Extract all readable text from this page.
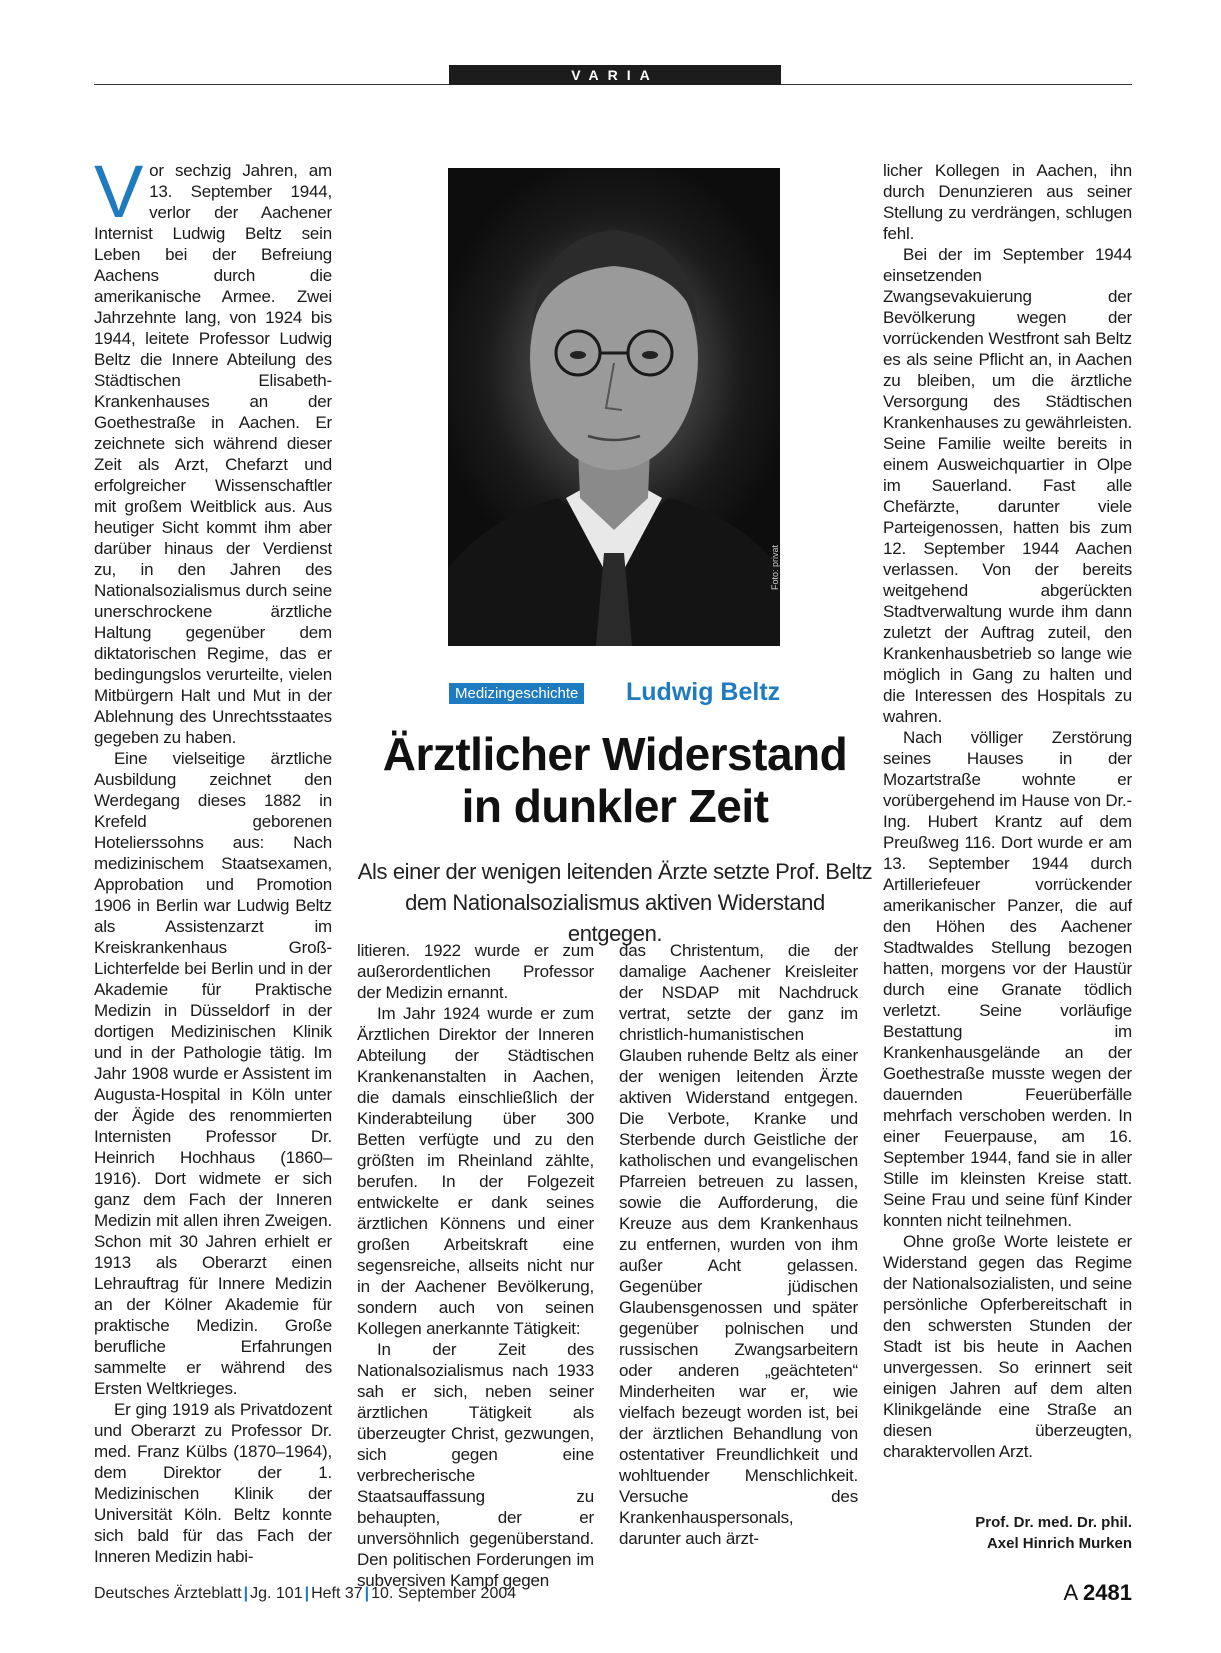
VARIA

Vor sechzig Jahren, am 13. September 1944, verlor der Aachener Internist Ludwig Beltz sein Leben bei der Befreiung Aachens durch die amerikanische Armee. Zwei Jahrzehnte lang, von 1924 bis 1944, leitete Professor Ludwig Beltz die Innere Abteilung des Städtischen Elisabeth-Krankenhauses an der Goethestraße in Aachen. Er zeichnete sich während dieser Zeit als Arzt, Chefarzt und erfolgreicher Wissenschaftler mit großem Weitblick aus. Aus heutiger Sicht kommt ihm aber darüber hinaus der Verdienst zu, in den Jahren des Nationalsozialismus durch seine unerschrockene ärztliche Haltung gegenüber dem diktatorischen Regime, das er bedingungslos verurteilte, vielen Mitbürgern Halt und Mut in der Ablehnung des Unrechtsstaates gegeben zu haben.

Eine vielseitige ärztliche Ausbildung zeichnet den Werdegang dieses 1882 in Krefeld geborenen Hotelierssohns aus: Nach medizinischem Staatsexamen, Approbation und Promotion 1906 in Berlin war Ludwig Beltz als Assistenzarzt im Kreiskrankenhaus Groß-Lichterfelde bei Berlin und in der Akademie für Praktische Medizin in Düsseldorf in der dortigen Medizinischen Klinik und in der Pathologie tätig. Im Jahr 1908 wurde er Assistent im Augusta-Hospital in Köln unter der Ägide des renommierten Internisten Professor Dr. Heinrich Hochhaus (1860–1916). Dort widmete er sich ganz dem Fach der Inneren Medizin mit allen ihren Zweigen. Schon mit 30 Jahren erhielt er 1913 als Oberarzt einen Lehrauftrag für Innere Medizin an der Kölner Akademie für praktische Medizin. Große berufliche Erfahrungen sammelte er während des Ersten Weltkrieges.

Er ging 1919 als Privatdozent und Oberarzt zu Professor Dr. med. Franz Külbs (1870–1964), dem Direktor der 1. Medizinischen Klinik der Universität Köln. Beltz konnte sich bald für das Fach der Inneren Medizin habi-

Foto: privat
Medizingeschichte Ludwig Beltz
Ärztlicher Widerstand
in dunkler Zeit
Als einer der wenigen leitenden Ärzte setzte Prof. Beltz
dem Nationalsozialismus aktiven Widerstand entgegen.

litieren. 1922 wurde er zum außerordentlichen Professor der Medizin ernannt.

Im Jahr 1924 wurde er zum Ärztlichen Direktor der Inneren Abteilung der Städtischen Krankenanstalten in Aachen, die damals einschließlich der Kinderabteilung über 300 Betten verfügte und zu den größten im Rheinland zählte, berufen. In der Folgezeit entwickelte er dank seines ärztlichen Könnens und einer großen Arbeitskraft eine segensreiche, allseits nicht nur in der Aachener Bevölkerung, sondern auch von seinen Kollegen anerkannte Tätigkeit:

In der Zeit des Nationalsozialismus nach 1933 sah er sich, neben seiner ärztlichen Tätigkeit als überzeugter Christ, gezwungen, sich gegen eine verbrecherische Staatsauffassung zu behaupten, der er unversöhnlich gegenüberstand. Den politischen Forderungen im subversiven Kampf gegen

das Christentum, die der damalige Aachener Kreisleiter der NSDAP mit Nachdruck vertrat, setzte der ganz im christlich-humanistischen Glauben ruhende Beltz als einer der wenigen leitenden Ärzte aktiven Widerstand entgegen. Die Verbote, Kranke und Sterbende durch Geistliche der katholischen und evangelischen Pfarreien betreuen zu lassen, sowie die Aufforderung, die Kreuze aus dem Krankenhaus zu entfernen, wurden von ihm außer Acht gelassen. Gegenüber jüdischen Glaubensgenossen und später gegenüber polnischen und russischen Zwangsarbeitern oder anderen „geächteten“ Minderheiten war er, wie vielfach bezeugt worden ist, bei der ärztlichen Behandlung von ostentativer Freundlichkeit und wohltuender Menschlichkeit. Versuche des Krankenhauspersonals, darunter auch ärzt-

licher Kollegen in Aachen, ihn durch Denunzieren aus seiner Stellung zu verdrängen, schlugen fehl.

Bei der im September 1944 einsetzenden Zwangsevakuierung der Bevölkerung wegen der vorrückenden Westfront sah Beltz es als seine Pflicht an, in Aachen zu bleiben, um die ärztliche Versorgung des Städtischen Krankenhauses zu gewährleisten. Seine Familie weilte bereits in einem Ausweichquartier in Olpe im Sauerland. Fast alle Chefärzte, darunter viele Parteigenossen, hatten bis zum 12. September 1944 Aachen verlassen. Von der bereits weitgehend abgerückten Stadtverwaltung wurde ihm dann zuletzt der Auftrag zuteil, den Krankenhausbetrieb so lange wie möglich in Gang zu halten und die Interessen des Hospitals zu wahren.

Nach völliger Zerstörung seines Hauses in der Mozartstraße wohnte er vorübergehend im Hause von Dr.-Ing. Hubert Krantz auf dem Preußweg 116. Dort wurde er am 13. September 1944 durch Artilleriefeuer vorrückender amerikanischer Panzer, die auf den Höhen des Aachener Stadtwaldes Stellung bezogen hatten, morgens vor der Haustür durch eine Granate tödlich verletzt. Seine vorläufige Bestattung im Krankenhausgelände an der Goethestraße musste wegen der dauernden Feuerüberfälle mehrfach verschoben werden. In einer Feuerpause, am 16. September 1944, fand sie in aller Stille im kleinsten Kreise statt. Seine Frau und seine fünf Kinder konnten nicht teilnehmen.

Ohne große Worte leistete er Widerstand gegen das Regime der Nationalsozialisten, und seine persönliche Opferbereitschaft in den schwersten Stunden der Stadt ist bis heute in Aachen unvergessen. So erinnert seit einigen Jahren auf dem alten Klinikgelände eine Straße an diesen überzeugten, charaktervollen Arzt.

Prof. Dr. med. Dr. phil.
Axel Hinrich Murken
Deutsches Ärzteblatt | Jg. 101 | Heft 37 | 10. September 2004	A 2481
